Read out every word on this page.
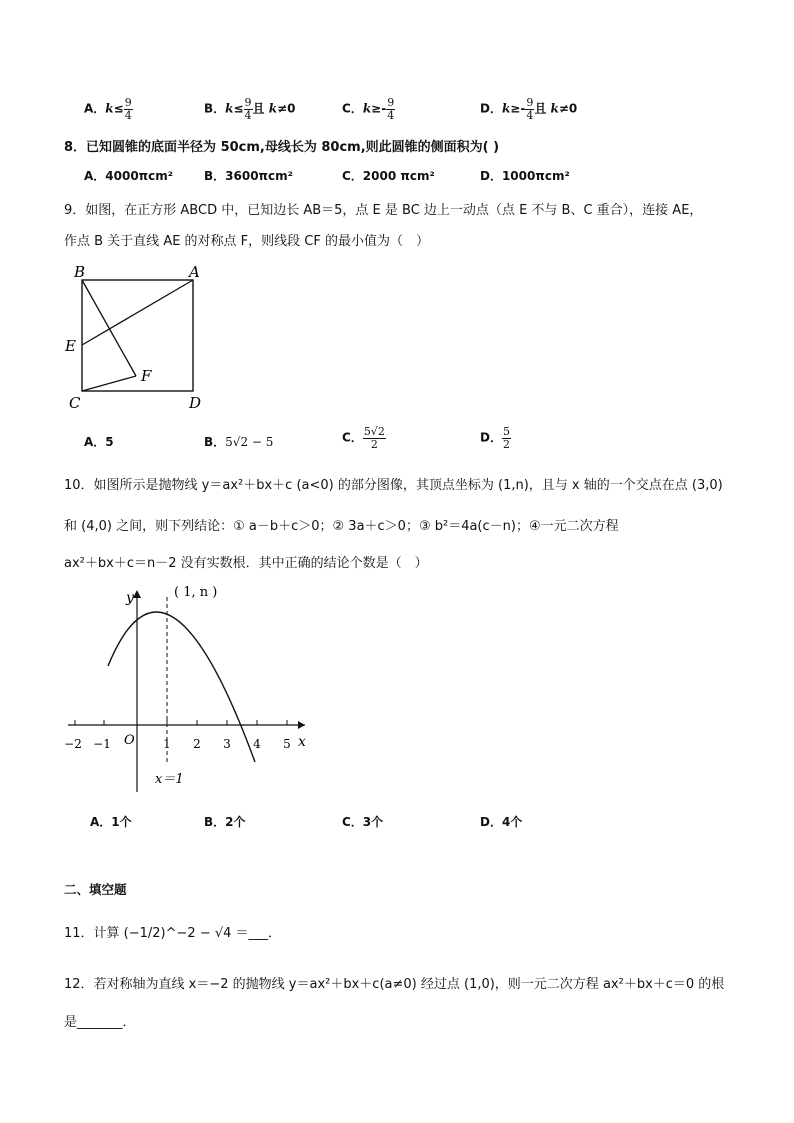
A．$k\le \frac{9}{4}$	B．$k\le \frac{9}{4}$ 且 k≠0	C．$k\ge- \frac{9}{4}$	D．$k\ge- \frac{9}{4}$ 且 k≠0
8．已知圆锥的底面半径为 50cm,母线长为 80cm,则此圆锥的侧面积为( )
A．4000πcm²	B．3600πcm²	C．2000 πcm²	D．1000πcm²
9．如图，在正方形 ABCD 中，已知边长 AB＝5，点 E 是 BC 边上一动点（点 E 不与 B、C 重合），连接 AE，
作点 B 关于直线 AE 的对称点 F，则线段 CF 的最小值为（　）
B	A
E
F
C	D
A．5	B．5√2 − 5	C． $\frac{5√2}{2}$	D． $\frac{5}{2}$
10．如图所示是抛物线 y＝ax²＋bx＋c (a<0) 的部分图像，其顶点坐标为 (1,n)，且与 x 轴的一个交点在点 (3,0)
和 (4,0) 之间，则下列结论：① a－b＋c＞0；② 3a＋c＞0；③ b²＝4a(c－n)；④一元二次方程
ax²＋bx＋c＝n－2 没有实数根．其中正确的结论个数是（　）
y
x
O
( 1, n )
x＝1
−2 −1	1 2 3 4 5
A．1个	B．2个	C．3个	D．4个
二、填空题
11．计算 (−1/2)^−2 − √4 ＝___．
12．若对称轴为直线 x＝−2 的抛物线 y＝ax²＋bx＋c(a≠0) 经过点 (1,0)，则一元二次方程 ax²＋bx＋c＝0 的根
是_______．
